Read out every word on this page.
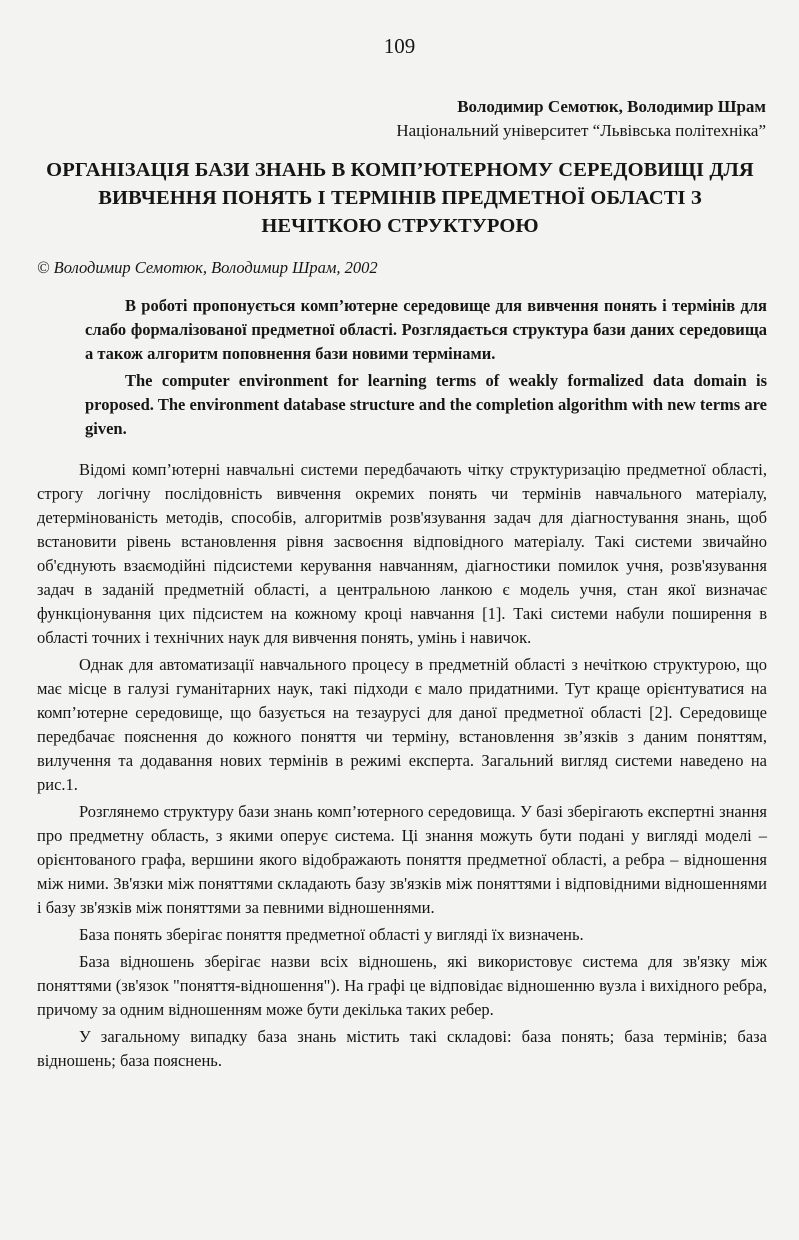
109
Володимир Семотюк, Володимир Шрам
Національний університет “Львівська політехніка”
ОРГАНІЗАЦІЯ БАЗИ ЗНАНЬ В КОМП’ЮТЕРНОМУ СЕРЕДОВИЩІ ДЛЯ ВИВЧЕННЯ ПОНЯТЬ І ТЕРМІНІВ ПРЕДМЕТНОЇ ОБЛАСТІ З НЕЧІТКОЮ СТРУКТУРОЮ
© Володимир Семотюк, Володимир Шрам, 2002

В роботі пропонується комп’ютерне середовище для вивчення понять і термінів для слабо формалізованої предметної області. Розглядається структура бази даних середовища а також алгоритм поповнення бази новими термінами.

The computer environment for learning terms of weakly formalized data domain is proposed. The environment database structure and the completion algorithm with new terms are given.

Відомі комп’ютерні навчальні системи передбачають чітку структуризацію предметної області, строгу логічну послідовність вивчення окремих понять чи термінів навчального матеріалу, детермінованість методів, способів, алгоритмів розв'язування задач для діагностування знань, щоб встановити рівень встановлення рівня засвоєння відповідного матеріалу. Такі системи звичайно об'єднують взаємодійні підсистеми керування навчанням, діагностики помилок учня, розв'язування задач в заданій предметній області, а центральною ланкою є модель учня, стан якої визначає функціонування цих підсистем на кожному кроці навчання [1]. Такі системи набули поширення в області точних і технічних наук для вивчення понять, умінь і навичок.

Однак для автоматизації навчального процесу в предметній області з нечіткою структурою, що має місце в галузі гуманітарних наук, такі підходи є мало придатними. Тут краще орієнтуватися на комп’ютерне середовище, що базується на тезаурусі для даної предметної області [2]. Середовище передбачає пояснення до кожного поняття чи терміну, встановлення зв’язків з даним поняттям, вилучення та додавання нових термінів в режимі експерта. Загальний вигляд системи наведено на рис.1.

Розглянемо структуру бази знань комп’ютерного середовища. У базі зберігають експертні знання про предметну область, з якими оперує система. Ці знання можуть бути подані у вигляді моделі – орієнтованого графа, вершини якого відображають поняття предметної області, а ребра – відношення між ними. Зв'язки між поняттями складають базу зв'язків між поняттями і відповідними відношеннями і базу зв'язків між поняттями за певними відношеннями.

База понять зберігає поняття предметної області у вигляді їх визначень.

База відношень зберігає назви всіх відношень, які використовує система для зв'язку між поняттями (зв'язок "поняття-відношення"). На графі це відповідає відношенню вузла і вихідного ребра, причому за одним відношенням може бути декілька таких ребер.

У загальному випадку база знань містить такі складові: база понять; база термінів; база відношень; база пояснень.
